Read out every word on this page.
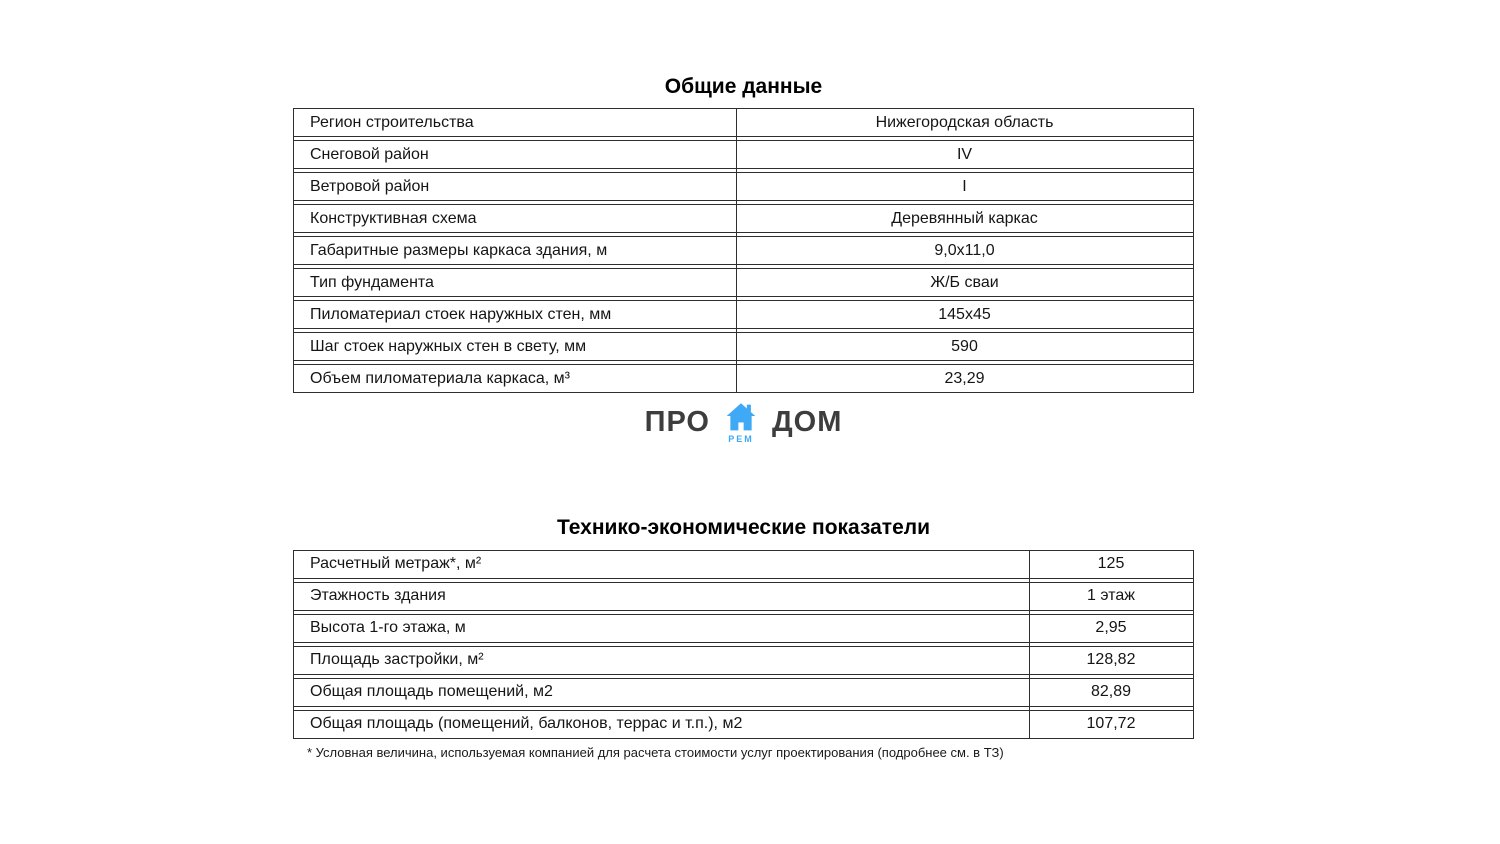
Общие данные
Регион строительства	Нижегородская область
Снеговой район	IV
Ветровой район	I
Конструктивная схема	Деревянный каркас
Габаритные размеры каркаса здания, м	9,0x11,0
Тип фундамента	Ж/Б сваи
Пиломатериал стоек наружных стен, мм	145x45
Шаг стоек наружных стен в свету, мм	590
Объем пиломатериала каркаса, м³	23,29
ПРО
РЕМ
ДОМ
Технико-экономические показатели
Расчетный метраж*, м²	125
Этажность здания	1 этаж
Высота 1-го этажа, м	2,95
Площадь застройки, м²	128,82
Общая площадь помещений, м2	82,89
Общая площадь (помещений, балконов, террас и т.п.), м2	107,72
* Условная величина, используемая компанией для расчета стоимости услуг проектирования (подробнее см. в ТЗ)
